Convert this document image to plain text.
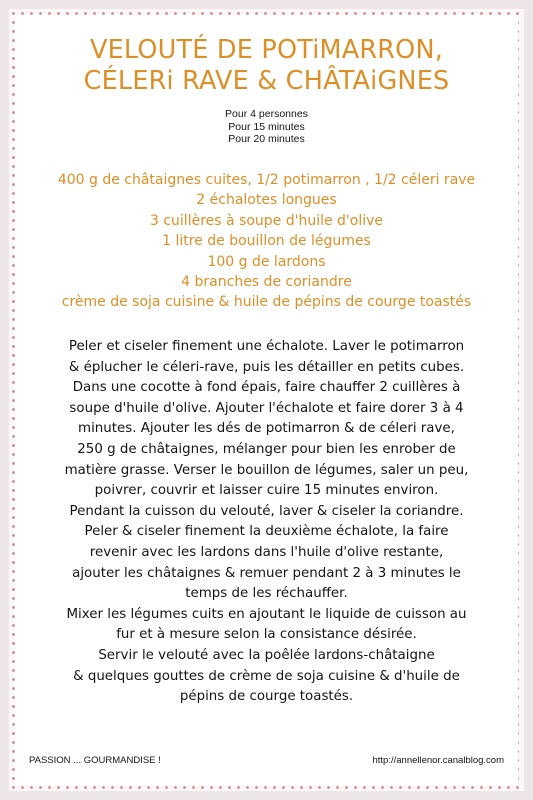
VELOUTÉ DE POTiMARRON,
CÉLERi RAVE & CHÂTAiGNES
Pour 4 personnes
Pour 15 minutes
Pour 20 minutes
400 g de châtaignes cuites, 1/2 potimarron , 1/2 céleri rave
2 échalotes longues
3 cuillères à soupe d'huile d'olive
1 litre de bouillon de légumes
100 g de lardons
4 branches de coriandre
crème de soja cuisine & huile de pépins de courge toastés
Peler et ciseler finement une échalote. Laver le potimarron
& éplucher le céleri-rave, puis les détailler en petits cubes.
Dans une cocotte à fond épais, faire chauffer 2 cuillères à
soupe d'huile d'olive. Ajouter l'échalote et faire dorer 3 à 4
minutes. Ajouter les dés de potimarron & de céleri rave,
250 g de châtaignes, mélanger pour bien les enrober de
matière grasse. Verser le bouillon de légumes, saler un peu,
poivrer, couvrir et laisser cuire 15 minutes environ.
Pendant la cuisson du velouté, laver & ciseler la coriandre.
Peler & ciseler finement la deuxième échalote, la faire
revenir avec les lardons dans l'huile d'olive restante,
ajouter les châtaignes & remuer pendant 2 à 3 minutes le
temps de les réchauffer.
Mixer les légumes cuits en ajoutant le liquide de cuisson au
fur et à mesure selon la consistance désirée.
Servir le velouté avec la poêlée lardons-châtaigne
& quelques gouttes de crème de soja cuisine & d'huile de
pépins de courge toastés.
PASSION ... GOURMANDISE !	http://annellenor.canalblog.com
